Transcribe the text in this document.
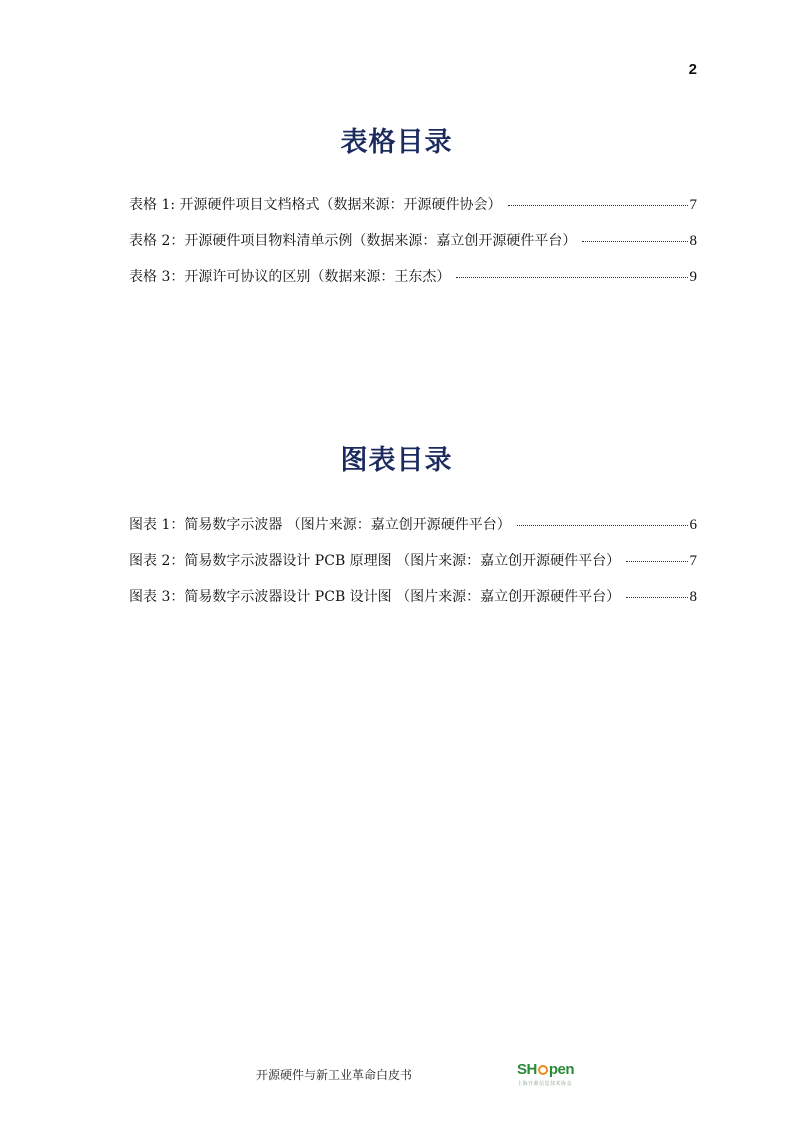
2
表格目录
表格 1: 开源硬件项目文档格式（数据来源：开源硬件协会）	7
表格 2：开源硬件项目物料清单示例（数据来源：嘉立创开源硬件平台）	8
表格 3：开源许可协议的区别（数据来源：王东杰）	9
图表目录
图表 1：简易数字示波器 （图片来源：嘉立创开源硬件平台）	6
图表 2：简易数字示波器设计 PCB 原理图 （图片来源：嘉立创开源硬件平台）	7
图表 3：简易数字示波器设计 PCB 设计图 （图片来源：嘉立创开源硬件平台）	8
开源硬件与新工业革命白皮书	SH pen
上海开源信息技术协会
